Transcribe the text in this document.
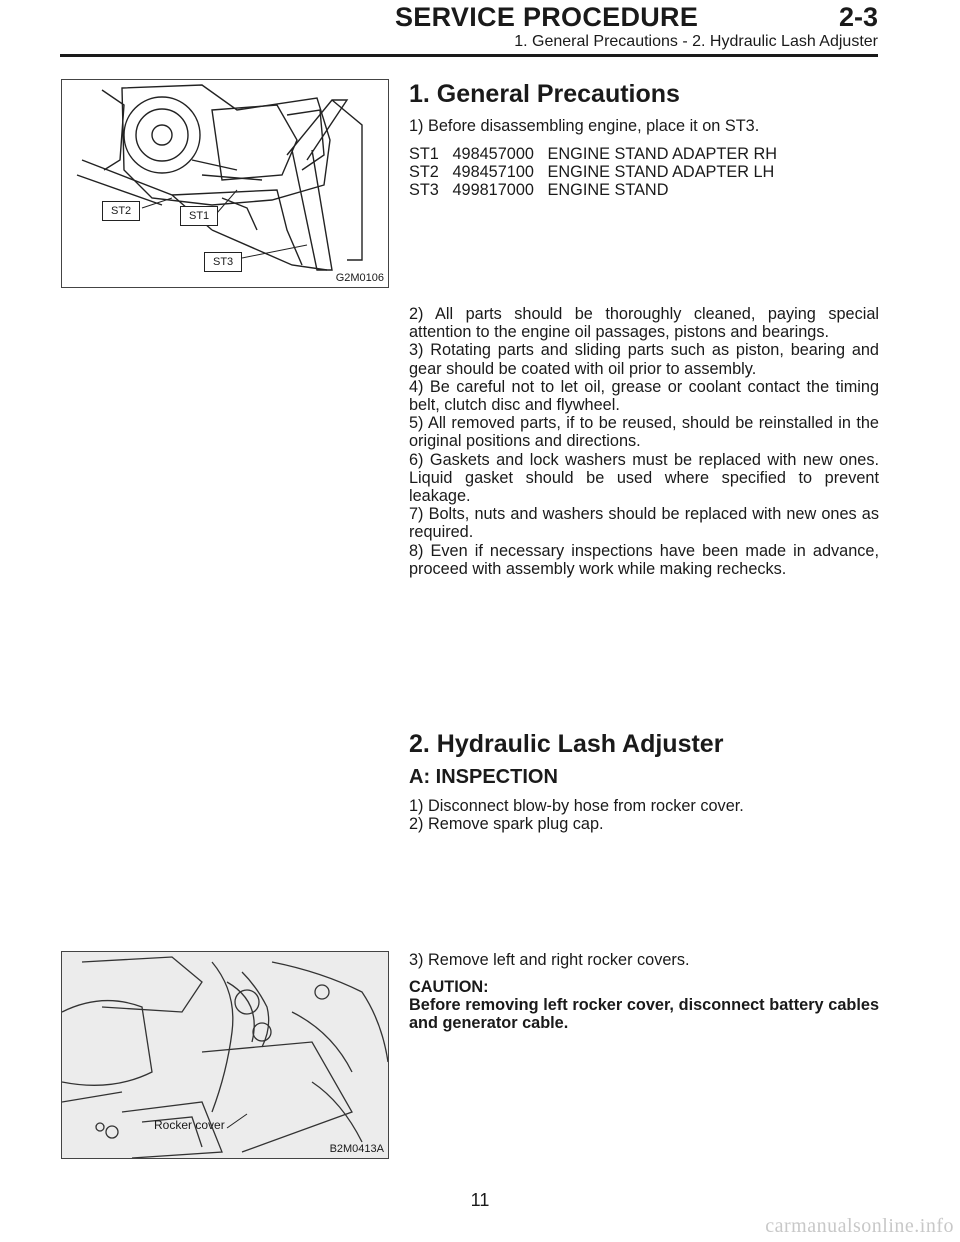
SERVICE PROCEDURE	2-3
1. General Precautions - 2. Hydraulic Lash Adjuster
ST2	ST1
ST3
G2M0106
1. General Precautions
1) Before disassembling engine, place it on ST3.
ST1 498457000 ENGINE STAND ADAPTER RH
ST2 498457100 ENGINE STAND ADAPTER LH
ST3 499817000 ENGINE STAND
2) All parts should be thoroughly cleaned, paying special attention to the engine oil passages, pistons and bearings.
3) Rotating parts and sliding parts such as piston, bearing and gear should be coated with oil prior to assembly.
4) Be careful not to let oil, grease or coolant contact the timing belt, clutch disc and flywheel.
5) All removed parts, if to be reused, should be reinstalled in the original positions and directions.
6) Gaskets and lock washers must be replaced with new ones. Liquid gasket should be used where specified to prevent leakage.
7) Bolts, nuts and washers should be replaced with new ones as required.
8) Even if necessary inspections have been made in advance, proceed with assembly work while making rechecks.
2. Hydraulic Lash Adjuster
A: INSPECTION
1) Disconnect blow-by hose from rocker cover.
2) Remove spark plug cap.
Rocker cover
B2M0413A
3) Remove left and right rocker covers.
CAUTION:
Before removing left rocker cover, disconnect battery cables and generator cable.
11
carmanualsonline.info
